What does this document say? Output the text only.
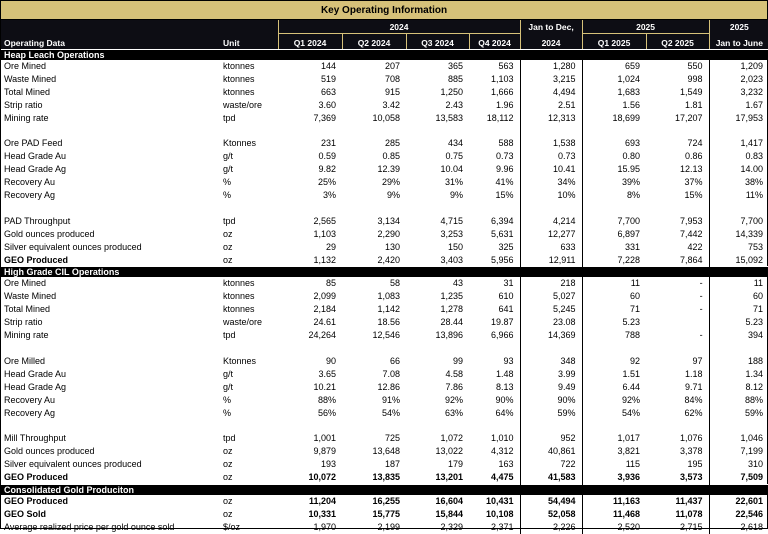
Key Operating Information
		2024				Jan to Dec,	2025		2025
Operating Data	Unit	Q1 2024	Q2 2024	Q3 2024	Q4 2024	2024	Q1 2025	Q2 2025	Jan to June
Heap Leach Operations									
Ore Mined	ktonnes	144	207	365	563	1,280	659	550	1,209
Waste Mined	ktonnes	519	708	885	1,103	3,215	1,024	998	2,023
Total Mined	ktonnes	663	915	1,250	1,666	4,494	1,683	1,549	3,232
Strip ratio	waste/ore	3.60	3.42	2.43	1.96	2.51	1.56	1.81	1.67
Mining rate	tpd	7,369	10,058	13,583	18,112	12,313	18,699	17,207	17,953

Ore PAD Feed	Ktonnes	231	285	434	588	1,538	693	724	1,417
Head Grade Au	g/t	0.59	0.85	0.75	0.73	0.73	0.80	0.86	0.83
Head Grade Ag	g/t	9.82	12.39	10.04	9.96	10.41	15.95	12.13	14.00
Recovery Au	%	25%	29%	31%	41%	34%	39%	37%	38%
Recovery Ag	%	3%	9%	9%	15%	10%	8%	15%	11%

PAD Throughput	tpd	2,565	3,134	4,715	6,394	4,214	7,700	7,953	7,700
Gold ounces produced	oz	1,103	2,290	3,253	5,631	12,277	6,897	7,442	14,339
Silver equivalent ounces produced	oz	29	130	150	325	633	331	422	753
GEO Produced	oz	1,132	2,420	3,403	5,956	12,911	7,228	7,864	15,092
High Grade CIL Operations									
Ore Mined	ktonnes	85	58	43	31	218	11	-	11
Waste Mined	ktonnes	2,099	1,083	1,235	610	5,027	60	-	60
Total Mined	ktonnes	2,184	1,142	1,278	641	5,245	71	-	71
Strip ratio	waste/ore	24.61	18.56	28.44	19.87	23.08	5.23		5.23
Mining rate	tpd	24,264	12,546	13,896	6,966	14,369	788	-	394

Ore Milled	Ktonnes	90	66	99	93	348	92	97	188
Head Grade Au	g/t	3.65	7.08	4.58	1.48	3.99	1.51	1.18	1.34
Head Grade Ag	g/t	10.21	12.86	7.86	8.13	9.49	6.44	9.71	8.12
Recovery Au	%	88%	91%	92%	90%	90%	92%	84%	88%
Recovery Ag	%	56%	54%	63%	64%	59%	54%	62%	59%

Mill Throughput	tpd	1,001	725	1,072	1,010	952	1,017	1,076	1,046
Gold ounces produced	oz	9,879	13,648	13,022	4,312	40,861	3,821	3,378	7,199
Silver equivalent ounces produced	oz	193	187	179	163	722	115	195	310
GEO Produced	oz	10,072	13,835	13,201	4,475	41,583	3,936	3,573	7,509
Consolidated Gold Produciton									
GEO Produced	oz	11,204	16,255	16,604	10,431	54,494	11,163	11,437	22,601
GEO Sold	oz	10,331	15,775	15,844	10,108	52,058	11,468	11,078	22,546
Average realized price per gold ounce sold	$/oz	1,970	2,199	2,329	2,371	2,226	2,520	2,715	2,618
